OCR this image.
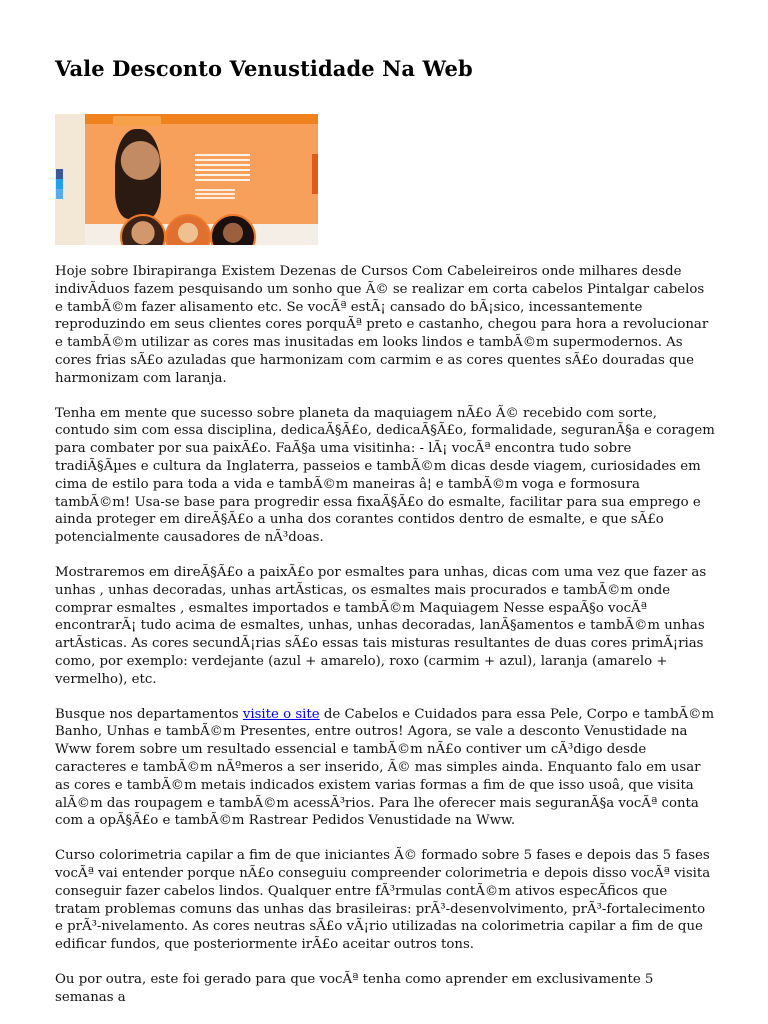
Vale Desconto Venustidade Na Web

Hoje sobre Ibirapiranga Existem Dezenas de Cursos Com Cabeleireiros onde milhares desde indivÃduos fazem pesquisando um sonho que Ã© se realizar em corta cabelos Pintalgar cabelos e tambÃ©m fazer alisamento etc. Se vocÃª estÃ¡ cansado do bÃ¡sico, incessantemente reproduzindo em seus clientes cores porquÃª preto e castanho, chegou para hora a revolucionar e tambÃ©m utilizar as cores mas inusitadas em looks lindos e tambÃ©m supermodernos. As cores frias sÃ£o azuladas que harmonizam com carmim e as cores quentes sÃ£o douradas que harmonizam com laranja.

Tenha em mente que sucesso sobre planeta da maquiagem nÃ£o Ã© recebido com sorte, contudo sim com essa disciplina, dedicaÃ§Ã£o, dedicaÃ§Ã£o, formalidade, seguranÃ§a e coragem para combater por sua paixÃ£o. FaÃ§a uma visitinha: - lÃ¡ vocÃª encontra tudo sobre tradiÃ§Ãµes e cultura da Inglaterra, passeios e tambÃ©m dicas desde viagem, curiosidades em cima de estilo para toda a vida e tambÃ©m maneiras â¦ e tambÃ©m voga e formosura tambÃ©m! Usa-se base para progredir essa fixaÃ§Ã£o do esmalte, facilitar para sua emprego e ainda proteger em direÃ§Ã£o a unha dos corantes contidos dentro de esmalte, e que sÃ£o potencialmente causadores de nÃ³doas.

Mostraremos em direÃ§Ã£o a paixÃ£o por esmaltes para unhas, dicas com uma vez que fazer as unhas , unhas decoradas, unhas artÃsticas, os esmaltes mais procurados e tambÃ©m onde comprar esmaltes , esmaltes importados e tambÃ©m Maquiagem Nesse espaÃ§o vocÃª encontrarÃ¡ tudo acima de esmaltes, unhas, unhas decoradas, lanÃ§amentos e tambÃ©m unhas artÃsticas. As cores secundÃ¡rias sÃ£o essas tais misturas resultantes de duas cores primÃ¡rias como, por exemplo: verdejante (azul + amarelo), roxo (carmim + azul), laranja (amarelo + vermelho), etc.

Busque nos departamentos visite o site de Cabelos e Cuidados para essa Pele, Corpo e tambÃ©m Banho, Unhas e tambÃ©m Presentes, entre outros! Agora, se vale a desconto Venustidade na Www forem sobre um resultado essencial e tambÃ©m nÃ£o contiver um cÃ³digo desde caracteres e tambÃ©m nÃºmeros a ser inserido, Ã© mas simples ainda. Enquanto falo em usar as cores e tambÃ©m metais indicados existem varias formas a fim de que isso usoâ, que visita alÃ©m das roupagem e tambÃ©m acessÃ³rios. Para lhe oferecer mais seguranÃ§a vocÃª conta com a opÃ§Ã£o e tambÃ©m Rastrear Pedidos Venustidade na Www.

Curso colorimetria capilar a fim de que iniciantes Ã© formado sobre 5 fases e depois das 5 fases vocÃª vai entender porque nÃ£o conseguiu compreender colorimetria e depois disso vocÃª visita conseguir fazer cabelos lindos. Qualquer entre fÃ³rmulas contÃ©m ativos especÃficos que tratam problemas comuns das unhas das brasileiras: prÃ³-desenvolvimento, prÃ³-fortalecimento e prÃ³-nivelamento. As cores neutras sÃ£o vÃ¡rio utilizadas na colorimetria capilar a fim de que edificar fundos, que posteriormente irÃ£o aceitar outros tons.

Ou por outra, este foi gerado para que vocÃª tenha como aprender em exclusivamente 5 semanas a
